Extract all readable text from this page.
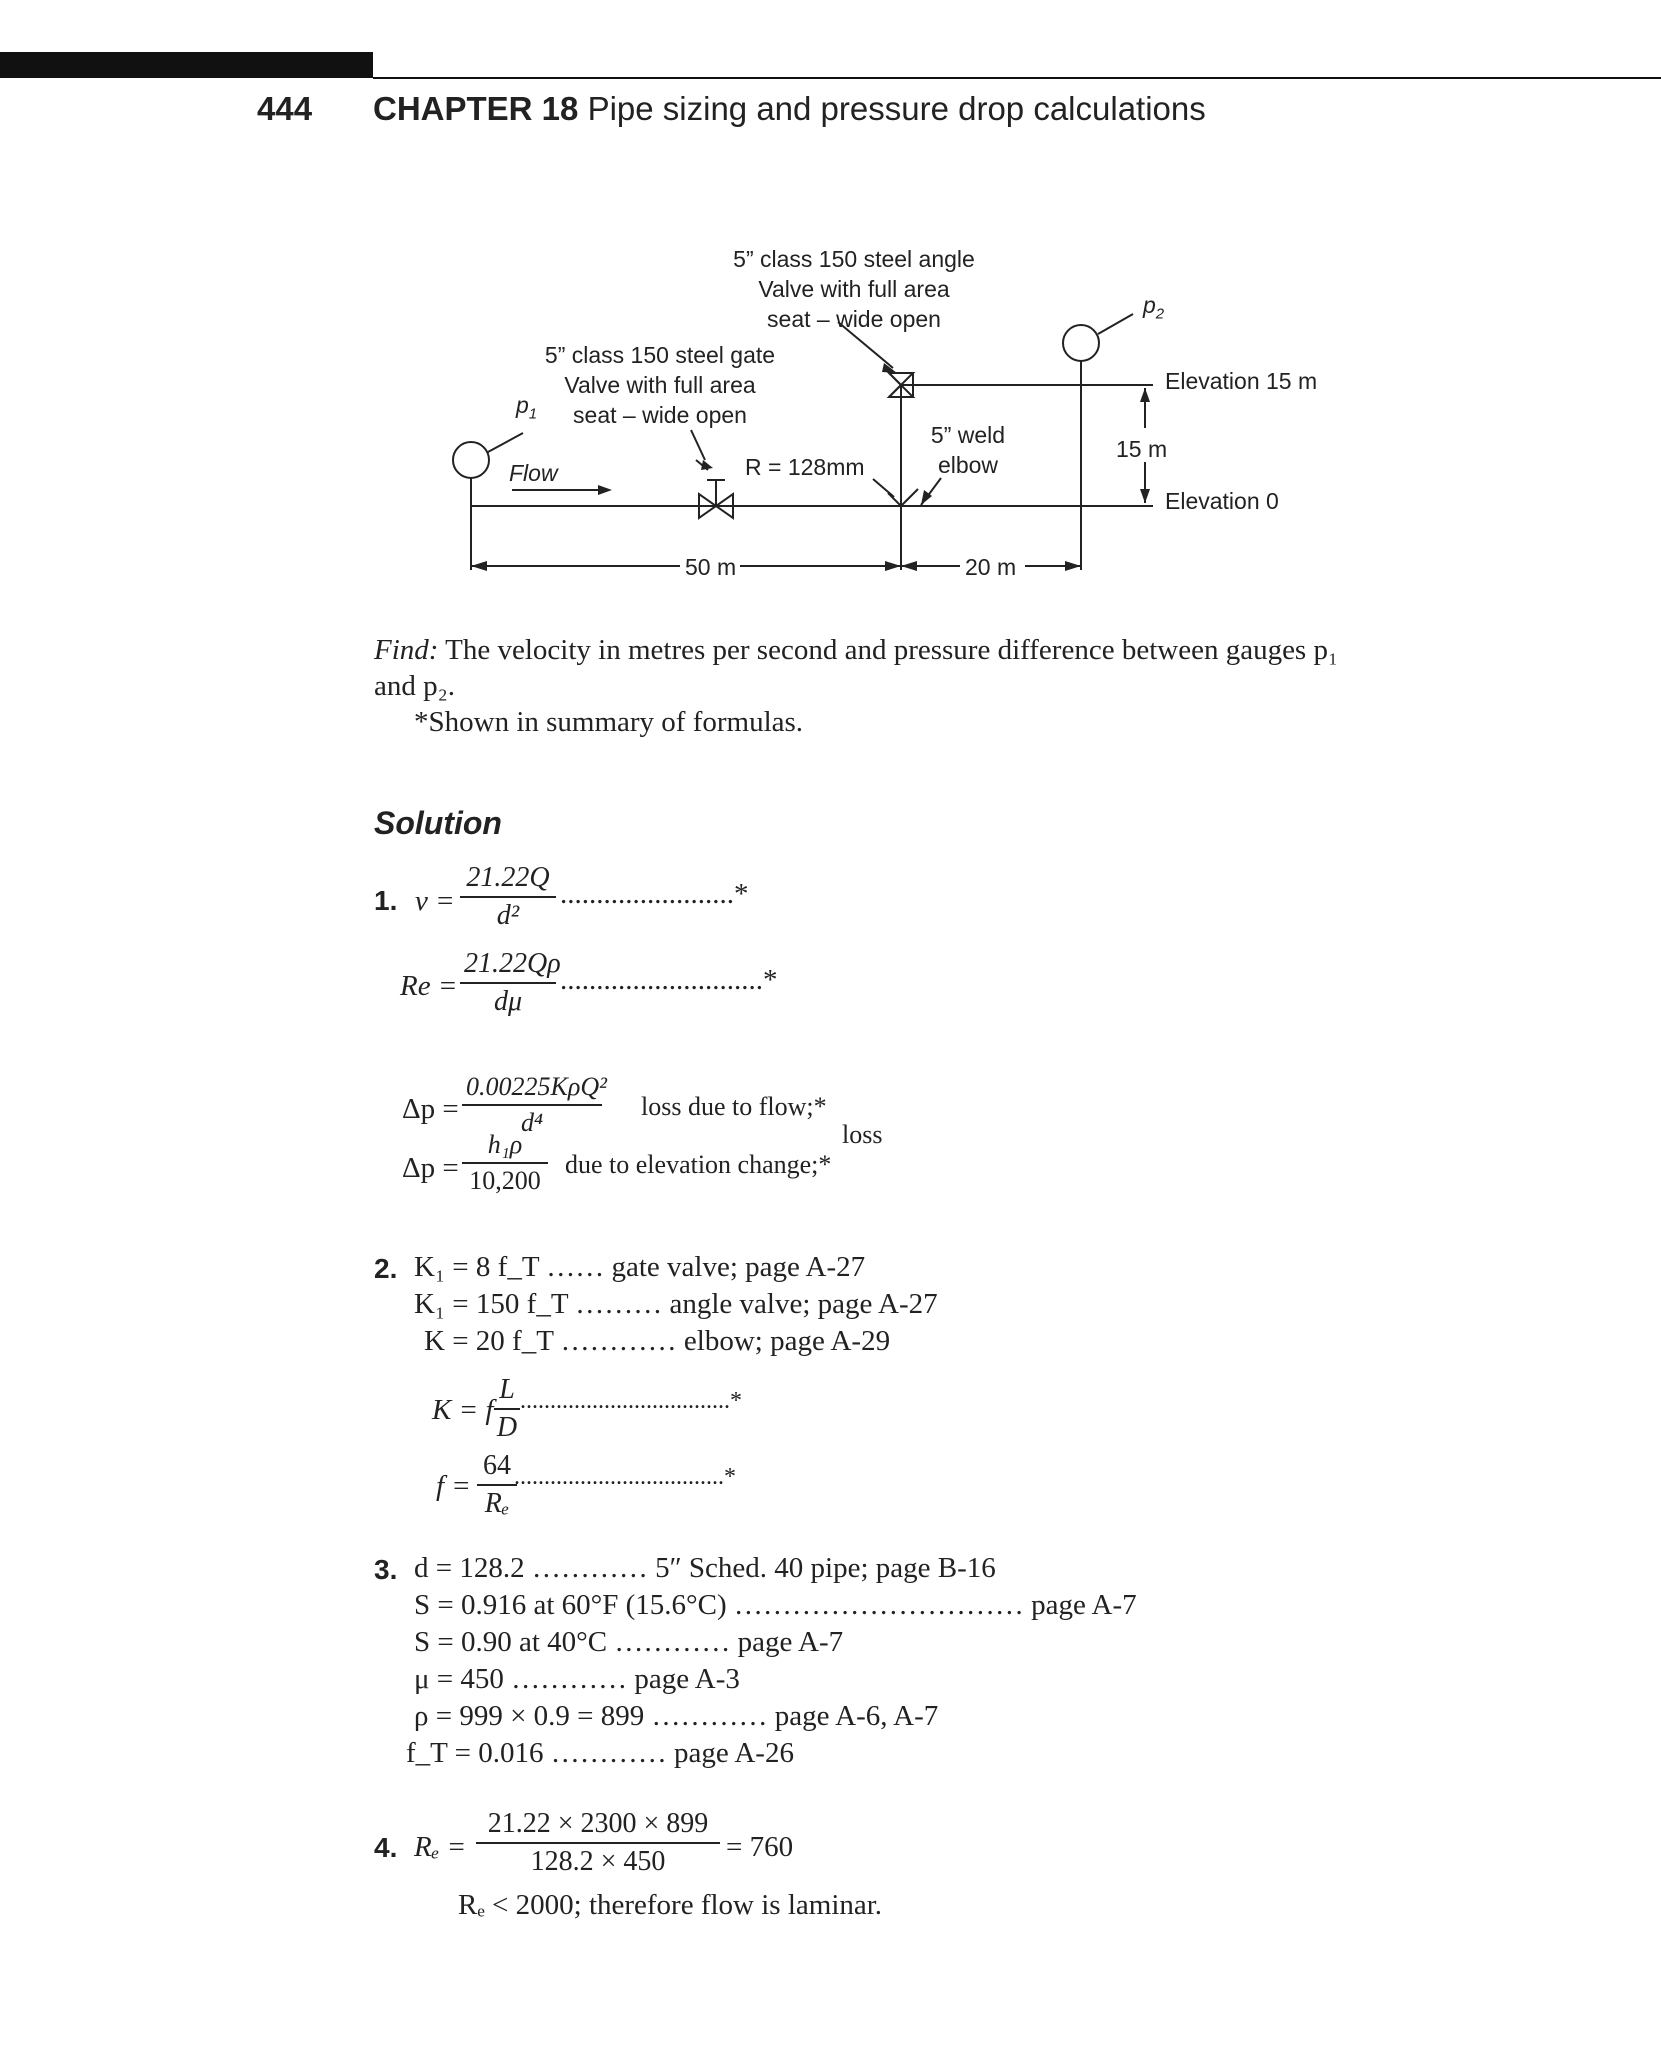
444 CHAPTER 18 Pipe sizing and pressure drop calculations
5” class 150 steel angle
Valve with full area
seat – wide open
5” class 150 steel gate
Valve with full area
seat – wide open
$p_1$
$p_2$
Flow	R = 128mm
5” weld
elbow
Elevation 15 m
Elevation 0
15 m
50 m	20 m
Find: The velocity in metres per second and pressure difference between gauges p₁
and p₂.
*Shown in summary of formulas.
Solution
1. v =
21.22Q
d²
........................*
Re =
21.22Qρ
dμ
............................*
Δp =
0.00225KρQ²
d⁴
loss due to flow;*
loss
Δp =
h₁ρ
10,200
due to elevation change;*
2. K₁ = 8 f_T …… gate valve; page A-27
K₁ = 150 f_T ……… angle valve; page A-27
K = 20 f_T ………… elbow; page A-29
K = f
L
D
...................................*
f =
64
Rₑ
...................................*
3. d = 128.2 ………… 5″ Sched. 40 pipe; page B-16
S = 0.916 at 60°F (15.6°C) ………………………… page A-7
S = 0.90 at 40°C ………… page A-7
μ = 450 ………… page A-3
ρ = 999 × 0.9 = 899 ………… page A-6, A-7
f_T = 0.016 ………… page A-26
4. Rₑ =
21.22 × 2300 × 899
128.2 × 450	= 760
Rₑ < 2000; therefore flow is laminar.
